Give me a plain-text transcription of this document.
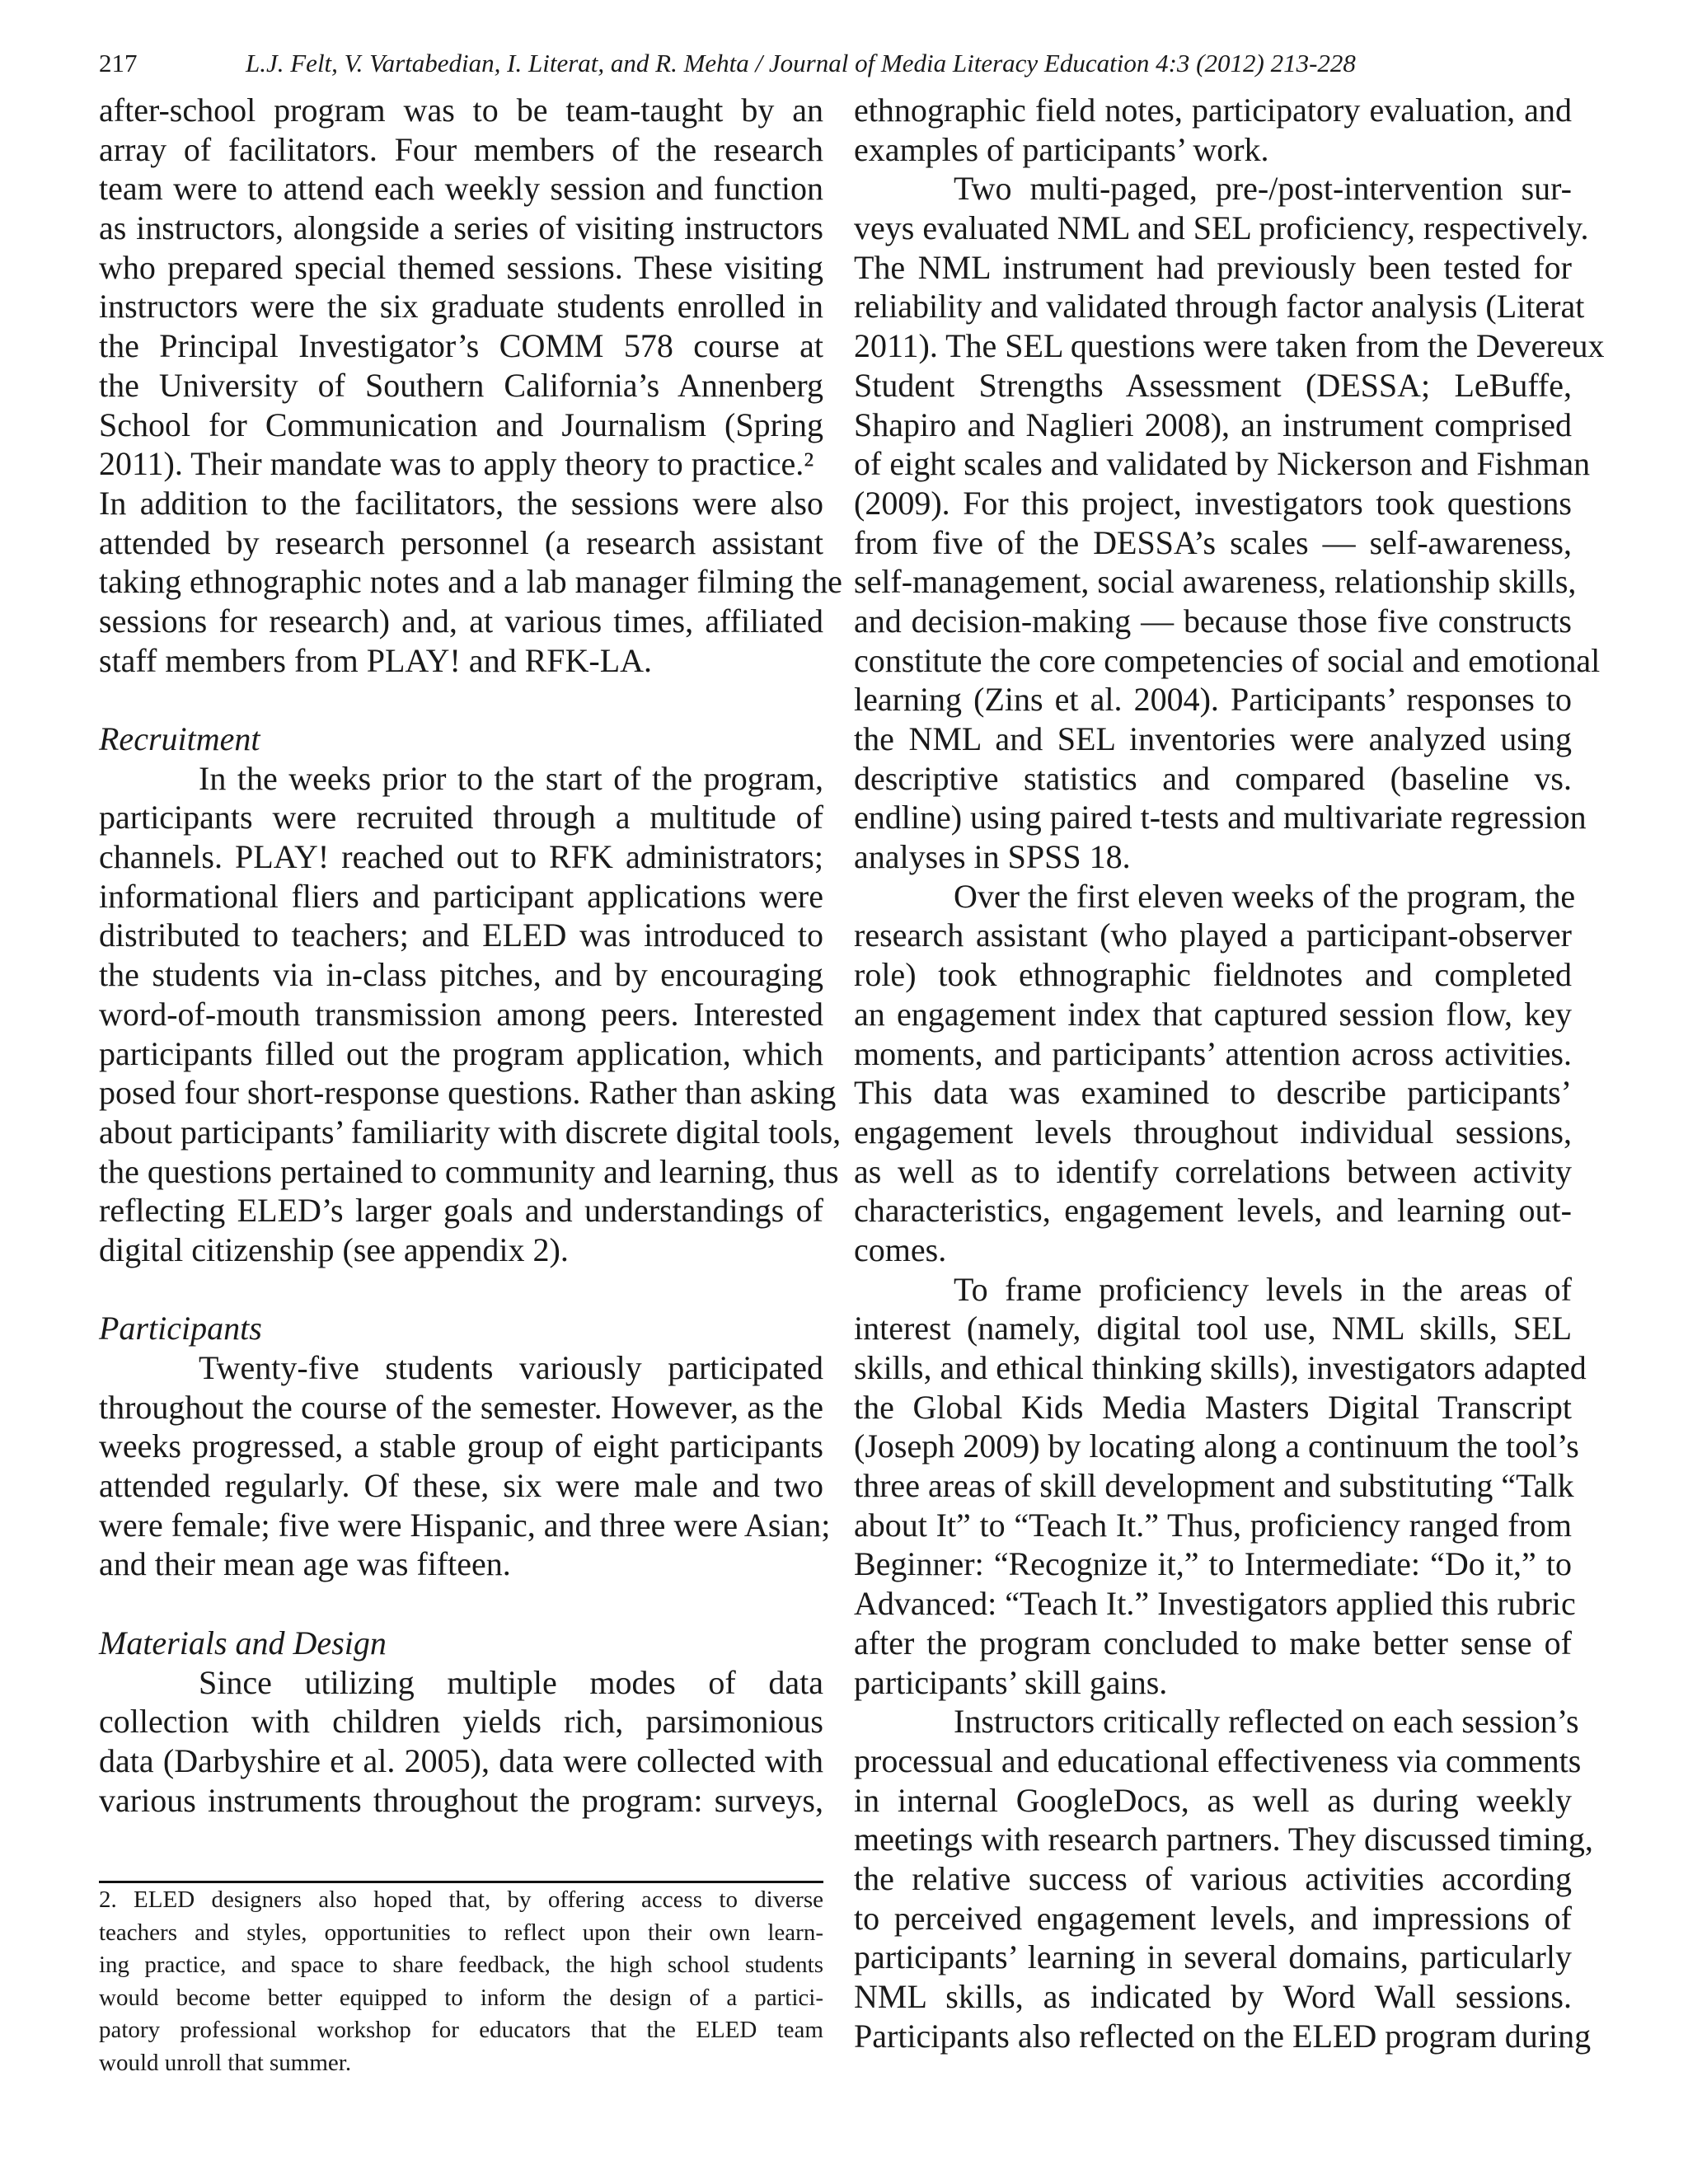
217	L.J. Felt, V. Vartabedian, I. Literat, and R. Mehta / Journal of Media Literacy Education 4:3 (2012) 213-228
after-school program was to be team-taught by an
array of facilitators. Four members of the research
team were to attend each weekly session and function
as instructors, alongside a series of visiting instructors
who prepared special themed sessions. These visiting
instructors were the six graduate students enrolled in
the Principal Investigator’s COMM 578 course at
the University of Southern California’s Annenberg
School for Communication and Journalism (Spring
2011). Their mandate was to apply theory to practice.²
In addition to the facilitators, the sessions were also
attended by research personnel (a research assistant
taking ethnographic notes and a lab manager filming the
sessions for research) and, at various times, affiliated
staff members from PLAY! and RFK-LA.
Recruitment
In the weeks prior to the start of the program,
participants were recruited through a multitude of
channels. PLAY! reached out to RFK administrators;
informational fliers and participant applications were
distributed to teachers; and ELED was introduced to
the students via in-class pitches, and by encouraging
word-of-mouth transmission among peers. Interested
participants filled out the program application, which
posed four short-response questions. Rather than asking
about participants’ familiarity with discrete digital tools,
the questions pertained to community and learning, thus
reflecting ELED’s larger goals and understandings of
digital citizenship (see appendix 2).
Participants
Twenty-five students variously participated
throughout the course of the semester. However, as the
weeks progressed, a stable group of eight participants
attended regularly. Of these, six were male and two
were female; five were Hispanic, and three were Asian;
and their mean age was fifteen.
Materials and Design
Since utilizing multiple modes of data
collection with children yields rich, parsimonious
data (Darbyshire et al. 2005), data were collected with
various instruments throughout the program: surveys,
ethnographic field notes, participatory evaluation, and
examples of participants’ work.
Two multi-paged, pre-/post-intervention sur-
veys evaluated NML and SEL proficiency, respectively.
The NML instrument had previously been tested for
reliability and validated through factor analysis (Literat
2011). The SEL questions were taken from the Devereux
Student Strengths Assessment (DESSA; LeBuffe,
Shapiro and Naglieri 2008), an instrument comprised
of eight scales and validated by Nickerson and Fishman
(2009). For this project, investigators took questions
from five of the DESSA’s scales — self-awareness,
self-management, social awareness, relationship skills,
and decision-making — because those five constructs
constitute the core competencies of social and emotional
learning (Zins et al. 2004). Participants’ responses to
the NML and SEL inventories were analyzed using
descriptive statistics and compared (baseline vs.
endline) using paired t-tests and multivariate regression
analyses in SPSS 18.
Over the first eleven weeks of the program, the
research assistant (who played a participant-observer
role) took ethnographic fieldnotes and completed
an engagement index that captured session flow, key
moments, and participants’ attention across activities.
This data was examined to describe participants’
engagement levels throughout individual sessions,
as well as to identify correlations between activity
characteristics, engagement levels, and learning out-
comes.
To frame proficiency levels in the areas of
interest (namely, digital tool use, NML skills, SEL
skills, and ethical thinking skills), investigators adapted
the Global Kids Media Masters Digital Transcript
(Joseph 2009) by locating along a continuum the tool’s
three areas of skill development and substituting “Talk
about It” to “Teach It.” Thus, proficiency ranged from
Beginner: “Recognize it,” to Intermediate: “Do it,” to
Advanced: “Teach It.” Investigators applied this rubric
after the program concluded to make better sense of
participants’ skill gains.
Instructors critically reflected on each session’s
processual and educational effectiveness via comments
in internal GoogleDocs, as well as during weekly
meetings with research partners. They discussed timing,
the relative success of various activities according
to perceived engagement levels, and impressions of
participants’ learning in several domains, particularly
NML skills, as indicated by Word Wall sessions.
Participants also reflected on the ELED program during
2. ELED designers also hoped that, by offering access to diverse
teachers and styles, opportunities to reflect upon their own learn-
ing practice, and space to share feedback, the high school students
would become better equipped to inform the design of a partici-
patory professional workshop for educators that the ELED team
would unroll that summer.
